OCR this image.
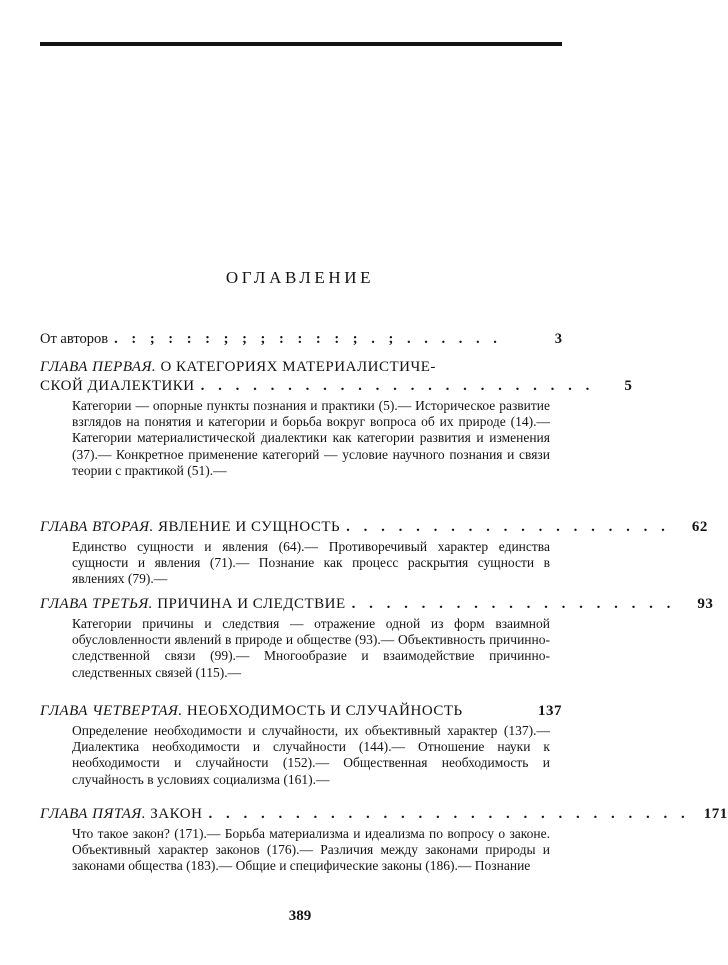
ОГЛАВЛЕНИЕ
От авторов . : ; : : : ; ; ; : : : : ; . ; . . . . . .	3
ГЛАВА ПЕРВАЯ. О КАТЕГОРИЯХ МАТЕРИАЛИСТИЧЕ-
СКОЙ ДИАЛЕКТИКИ . . . . . . . . . . . . . . . . . . . . . . .	5
Категории — опорные пункты познания и практики (5).— Историческое развитие взглядов на понятия и категории и борьба вокруг вопроса об их природе (14).— Категории материалистической диалектики как категории развития и изменения (37).— Конкретное применение категорий — условие научного познания и связи теории с практикой (51).—
ГЛАВА ВТОРАЯ. ЯВЛЕНИЕ И СУЩНОСТЬ . . . . . . . . . . . . . . . . . . .	62
Единство сущности и явления (64).— Противоречивый характер единства сущности и явления (71).— Познание как процесс раскрытия сущности в явлениях (79).—
ГЛАВА ТРЕТЬЯ. ПРИЧИНА И СЛЕДСТВИЕ . . . . . . . . . . . . . . . . . . .	93
Категории причины и следствия — отражение одной из форм взаимной обусловленности явлений в природе и обществе (93).— Объективность причинно-следственной связи (99).— Многообразие и взаимодействие причинно-следственных связей (115).—
ГЛАВА ЧЕТВЕРТАЯ. НЕОБХОДИМОСТЬ И СЛУЧАЙНОСТЬ	137
Определение необходимости и случайности, их объективный характер (137).— Диалектика необходимости и случайности (144).— Отношение науки к необходимости и случайности (152).— Общественная необходимость и случайность в условиях социализма (161).—
ГЛАВА ПЯТАЯ. ЗАКОН . . . . . . . . . . . . . . . . . . . . . . . . . . . . 171
Что такое закон? (171).— Борьба материализма и идеализма по вопросу о законе. Объективный характер законов (176).— Различия между законами природы и законами общества (183).— Общие и специфические законы (186).— Познание
389
